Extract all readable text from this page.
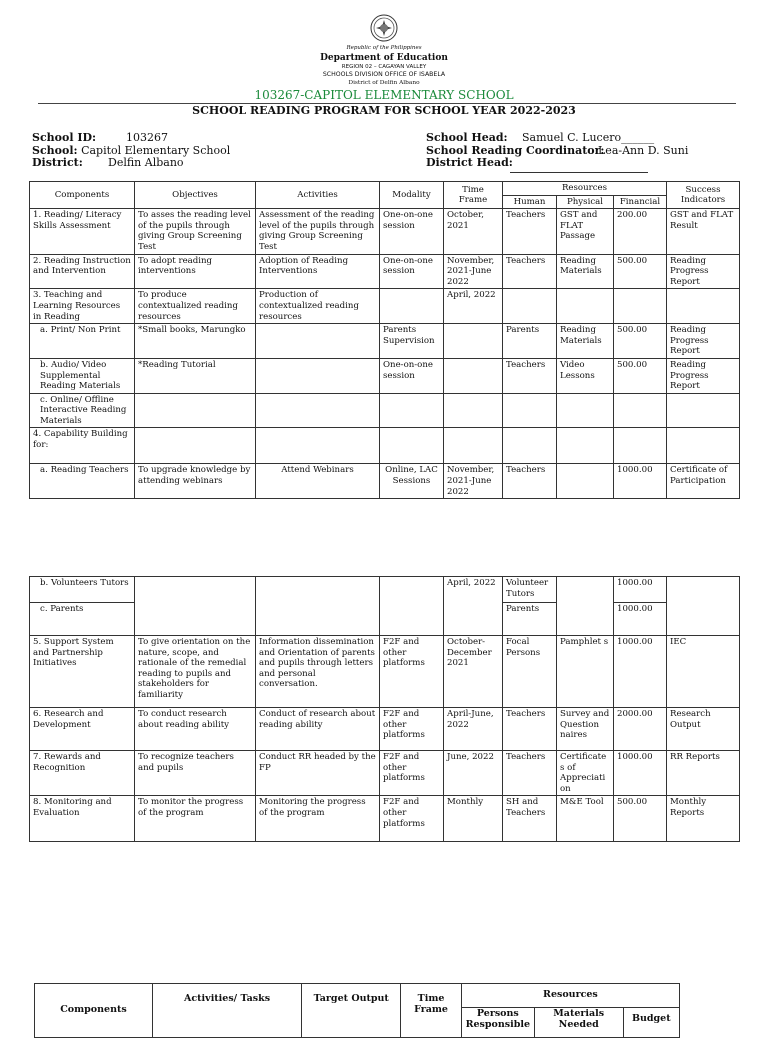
Republic of the Philippines
Department of Education
REGION 02 – CAGAYAN VALLEY
SCHOOLS DIVISION OFFICE OF ISABELA
District of Delfin Albano
103267-CAPITOL ELEMENTARY SCHOOL
SCHOOL READING PROGRAM FOR SCHOOL YEAR 2022-2023
School ID:	103267
School: Capitol Elementary School
District: Delfin Albano
School Head: Samuel C. Lucero______
School Reading Coordinator:
Lea-Ann D. Suni
District Head:
Components	Objectives	Activities	Modality	Time Frame	Resources			Success Indicators
					Human	Physical	Financial	
1. Reading/ Literacy Skills Assessment	To asses the reading level of the pupils through giving Group Screening Test	Assessment of the reading level of the pupils through giving Group Screening Test	One-on-one session	October, 2021	Teachers	GST and FLAT Passage	200.00	GST and FLAT Result
2. Reading Instruction and Intervention	To adopt reading interventions	Adoption of Reading Interventions	One-on-one session	November, 2021-June 2022	Teachers	Reading Materials	500.00	Reading Progress Report
3. Teaching and Learning Resources in Reading	To produce contextualized reading resources	Production of contextualized reading resources		April, 2022				
a. Print/ Non Print	*Small books, Marungko		Parents Supervision		Parents	Reading Materials	500.00	Reading Progress Report
b. Audio/ Video Supplemental Reading Materials	*Reading Tutorial		One-on-one session		Teachers	Video Lessons	500.00	Reading Progress Report
c. Online/ Offline Interactive Reading Materials								
4. Capability Building for:								
a. Reading Teachers	To upgrade knowledge by attending webinars	Attend Webinars	Online, LAC Sessions	November, 2021-June 2022	Teachers		1000.00	Certificate of Participation
b. Volunteers Tutors				April, 2022	Volunteer Tutors		1000.00	
c. Parents					Parents		1000.00	
5. Support System and Partnership Initiatives	To give orientation on the nature, scope, and rationale of the remedial reading to pupils and stakeholders for familiarity	Information dissemination and Orientation of parents and pupils through letters and personal conversation.	F2F and other platforms	October-December 2021	Focal Persons	Pamphlet s	1000.00	IEC
6. Research and Development	To conduct research about reading ability	Conduct of research about reading ability	F2F and other platforms	April-June, 2022	Teachers	Survey and Question naires	2000.00	Research Output
7. Rewards and Recognition	To recognize teachers and pupils	Conduct RR headed by the FP	F2F and other platforms	June, 2022	Teachers	Certificate s of Appreciati on	1000.00	RR Reports
8. Monitoring and Evaluation	To monitor the progress of the program	Monitoring the progress of the program	F2F and other platforms	Monthly	SH and Teachers	M&E Tool	500.00	Monthly Reports
Components	Activities/ Tasks	Target Output	Time Frame	Resources		
				Persons Responsible	Materials Needed	Budget
